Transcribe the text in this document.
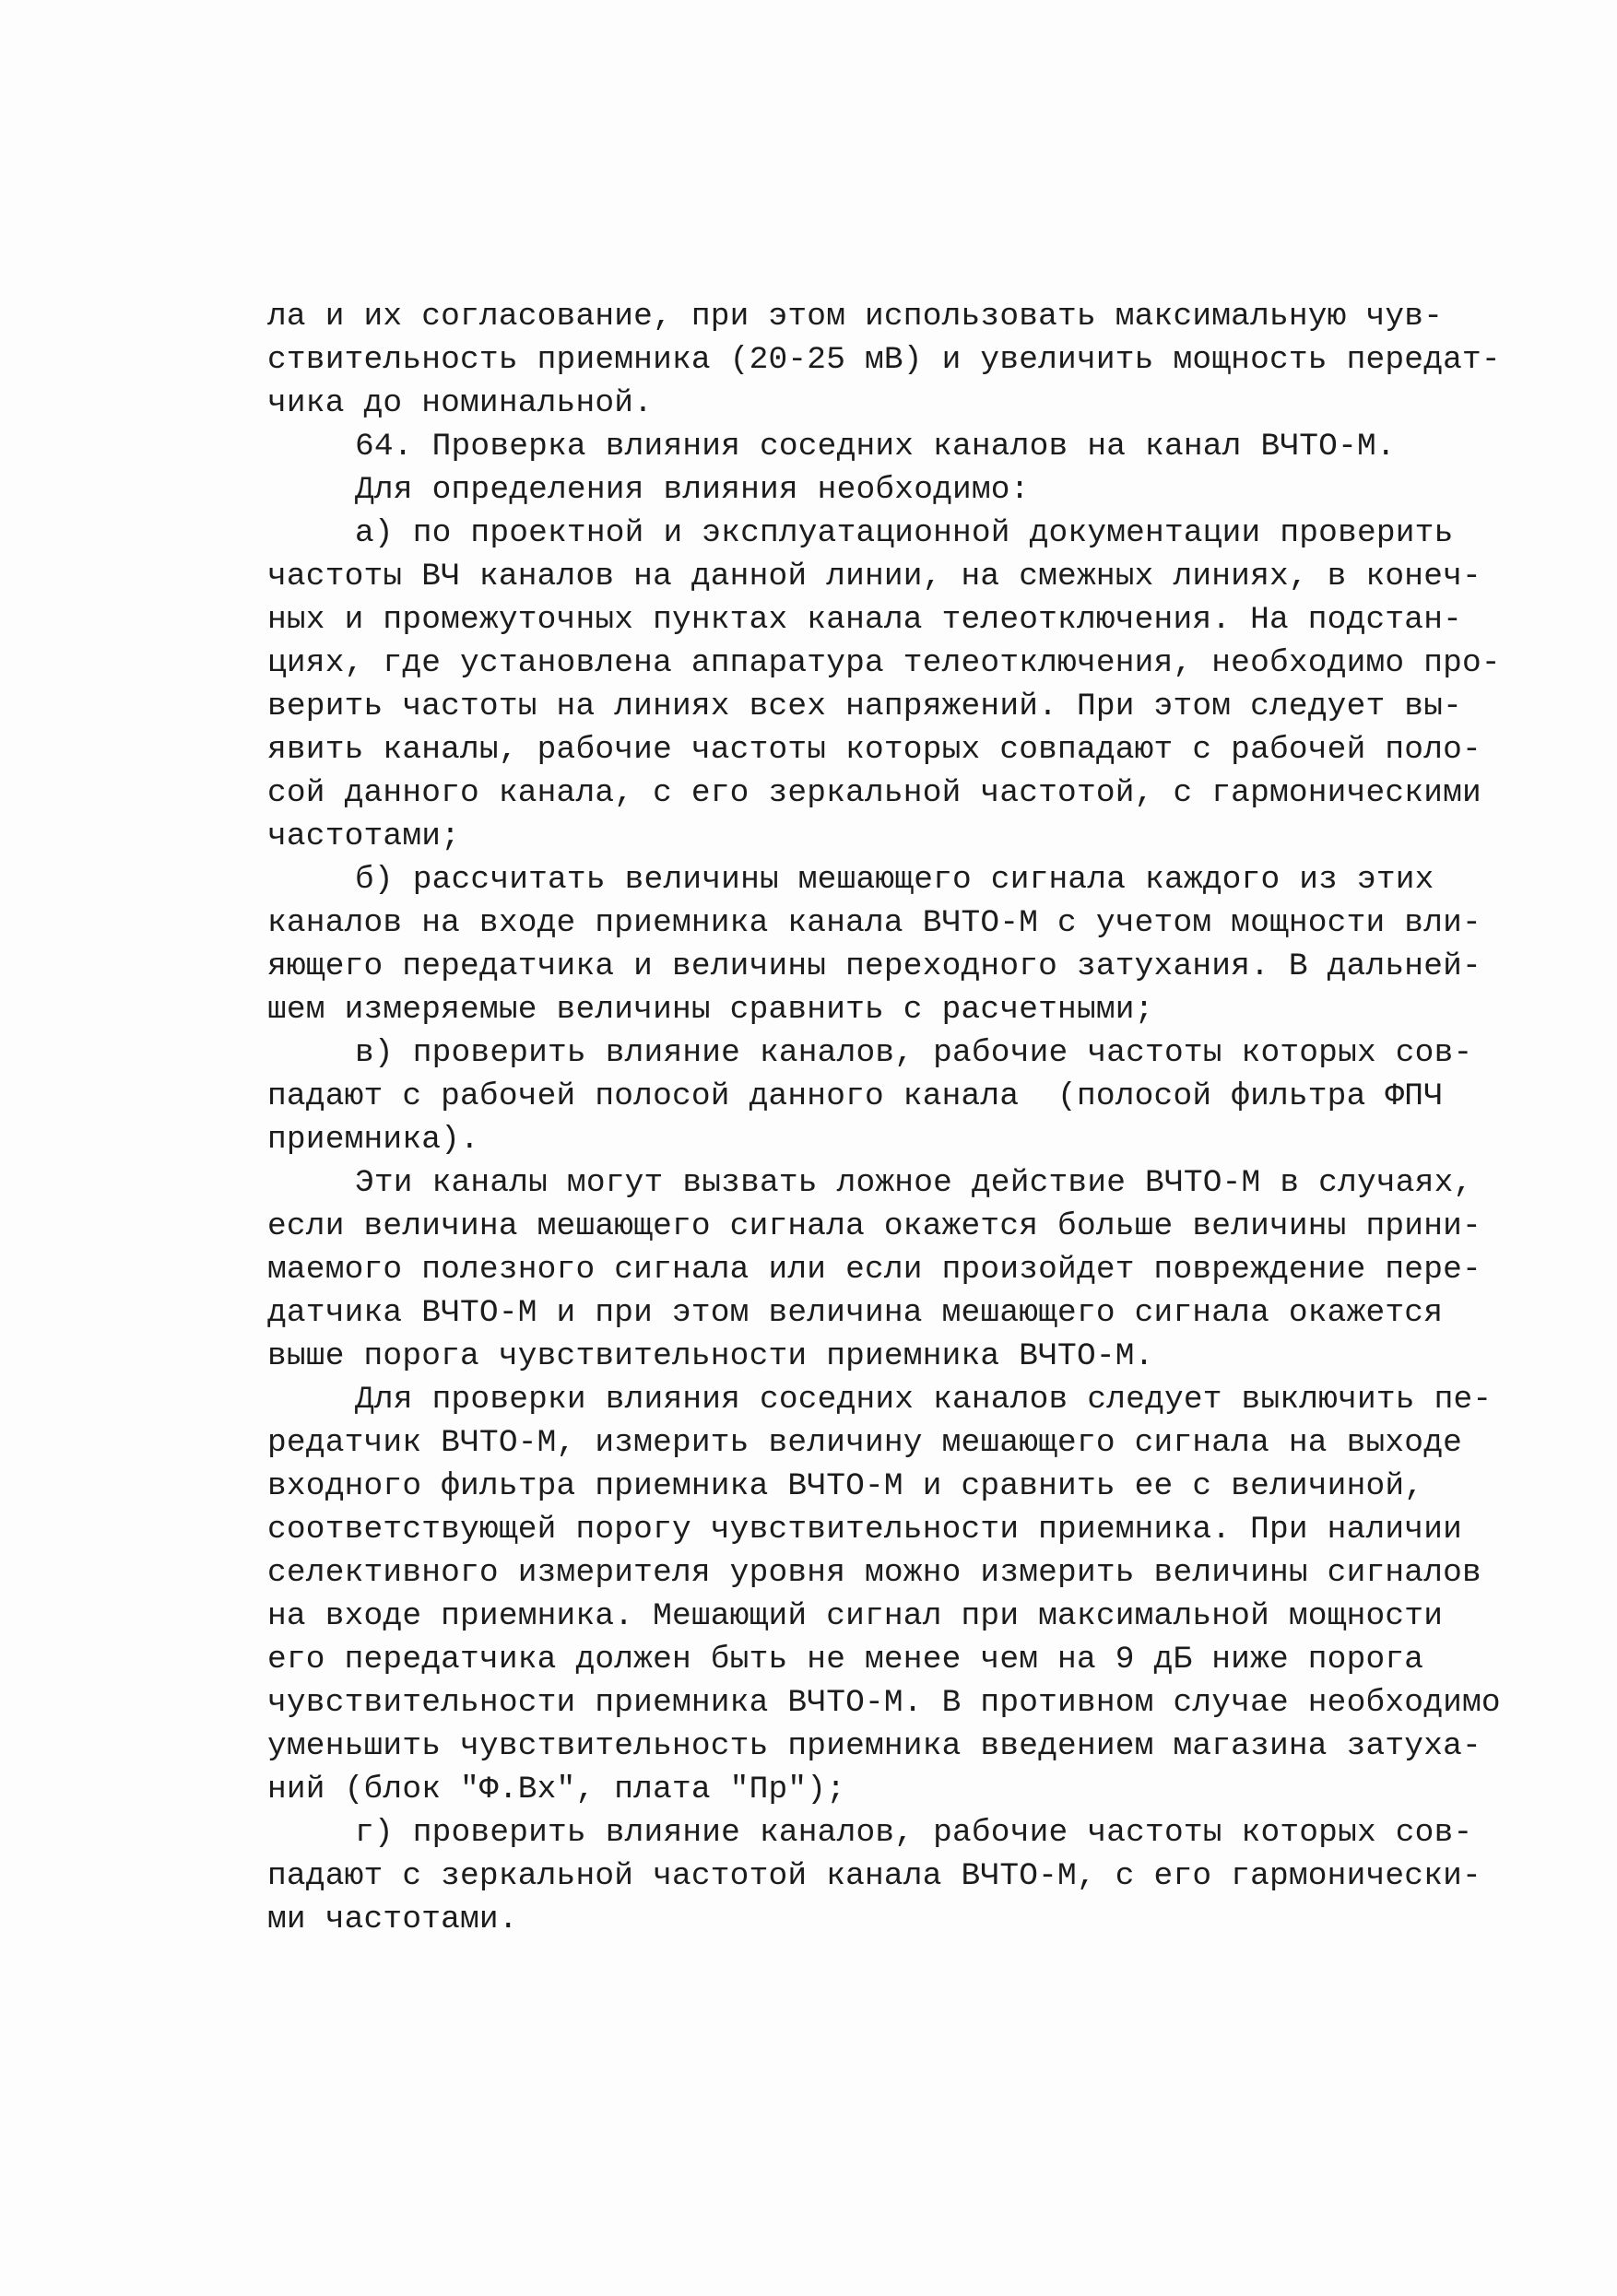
ла и их согласование, при этом использовать максимальную чув-
ствительность приемника (20-25 мВ) и увеличить мощность передат-
чика до номинальной.
64. Проверка влияния соседних каналов на канал ВЧТО-М.
Для определения влияния необходимо:
а) по проектной и эксплуатационной документации проверить
частоты ВЧ каналов на данной линии, на смежных линиях, в конеч-
ных и промежуточных пунктах канала телеотключения. На подстан-
циях, где установлена аппаратура телеотключения, необходимо про-
верить частоты на линиях всех напряжений. При этом следует вы-
явить каналы, рабочие частоты которых совпадают с рабочей поло-
сой данного канала, с его зеркальной частотой, с гармоническими
частотами;
б) рассчитать величины мешающего сигнала каждого из этих
каналов на входе приемника канала ВЧТО-М с учетом мощности вли-
яющего передатчика и величины переходного затухания. В дальней-
шем измеряемые величины сравнить с расчетными;
в) проверить влияние каналов, рабочие частоты которых сов-
падают с рабочей полосой данного канала  (полосой фильтра ФПЧ
приемника).
Эти каналы могут вызвать ложное действие ВЧТО-М в случаях,
если величина мешающего сигнала окажется больше величины прини-
маемого полезного сигнала или если произойдет повреждение пере-
датчика ВЧТО-М и при этом величина мешающего сигнала окажется
выше порога чувствительности приемника ВЧТО-М.
Для проверки влияния соседних каналов следует выключить пе-
редатчик ВЧТО-М, измерить величину мешающего сигнала на выходе
входного фильтра приемника ВЧТО-М и сравнить ее с величиной,
соответствующей порогу чувствительности приемника. При наличии
селективного измерителя уровня можно измерить величины сигналов
на входе приемника. Мешающий сигнал при максимальной мощности
его передатчика должен быть не менее чем на 9 дБ ниже порога
чувствительности приемника ВЧТО-М. В противном случае необходимо
уменьшить чувствительность приемника введением магазина затуха-
ний (блок "Ф.Вх", плата "Пр");
г) проверить влияние каналов, рабочие частоты которых сов-
падают с зеркальной частотой канала ВЧТО-М, с его гармонически-
ми частотами.
